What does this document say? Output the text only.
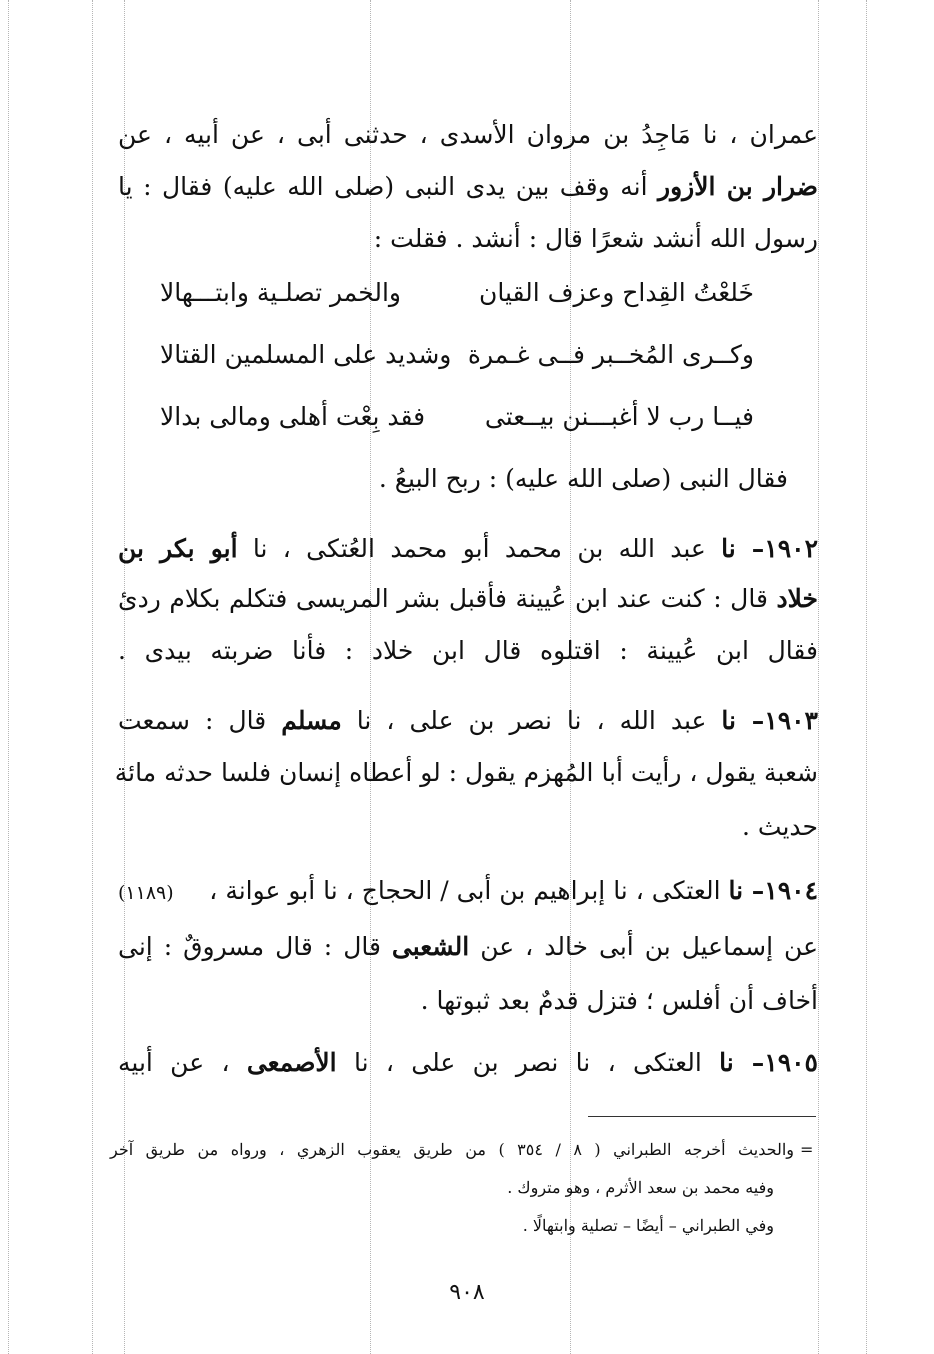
عمران ، نا مَاجِدُ بن مروان الأسدى ، حدثنى أبى ، عن أبيه ، عن
ضرار بن الأزور أنه وقف بين يدى النبى (صلى الله عليه) فقال : يا
رسول الله أنشد شعرًا قال : أنشد . فقلت :
خَلعْتُ القِداح وعزف القيان
والخمر تصلـية وابتـــهالا
وكــرى المُخــبر فــى غـمرة
وشديد على المسلمين القتالا
فيــا رب لا أغبـــنن بيــعتى
فقد بِعْت أهلى ومالى بدالا
فقال النبى (صلى الله عليه) : ربح البيعُ .
١٩٠٢– نا عبد الله بن محمد أبو محمد العُتكى ، نا أبو بكر بن
خلاد قال : كنت عند ابن عُيينة فأقبل بشر المريسى فتكلم بكلام ردئ
فقال ابن عُيينة : اقتلوه قال ابن خلاد : فأنا ضربته بيدى .
١٩٠٣– نا عبد الله ، نا نصر بن على ، نا مسلم قال : سمعت
شعبة يقول ، رأيت أبا المُهزم يقول : لو أعطاه إنسان فلسا حدثه مائة
حديث .
(١١٨٩)	١٩٠٤– نا العتكى ، نا إبراهيم بن أبى / الحجاج ، نا أبو عوانة ،
عن إسماعيل بن أبى خالد ، عن الشعبى قال : قال مسروقٌ : إنى
أخاف أن أفلس ؛ فتزل قدمٌ بعد ثبوتها .
١٩٠٥– نا العتكى ، نا نصر بن على ، نا الأصمعى ، عن أبيه
=
والحديث أخرجه الطبراني ( ٨ / ٣٥٤ ) من طريق يعقوب الزهري ، ورواه من طريق آخر
وفيه محمد بن سعد الأثرم ، وهو متروك .
وفي الطبراني – أيضًا – تصلية وابتهالًا .
٩٠٨
